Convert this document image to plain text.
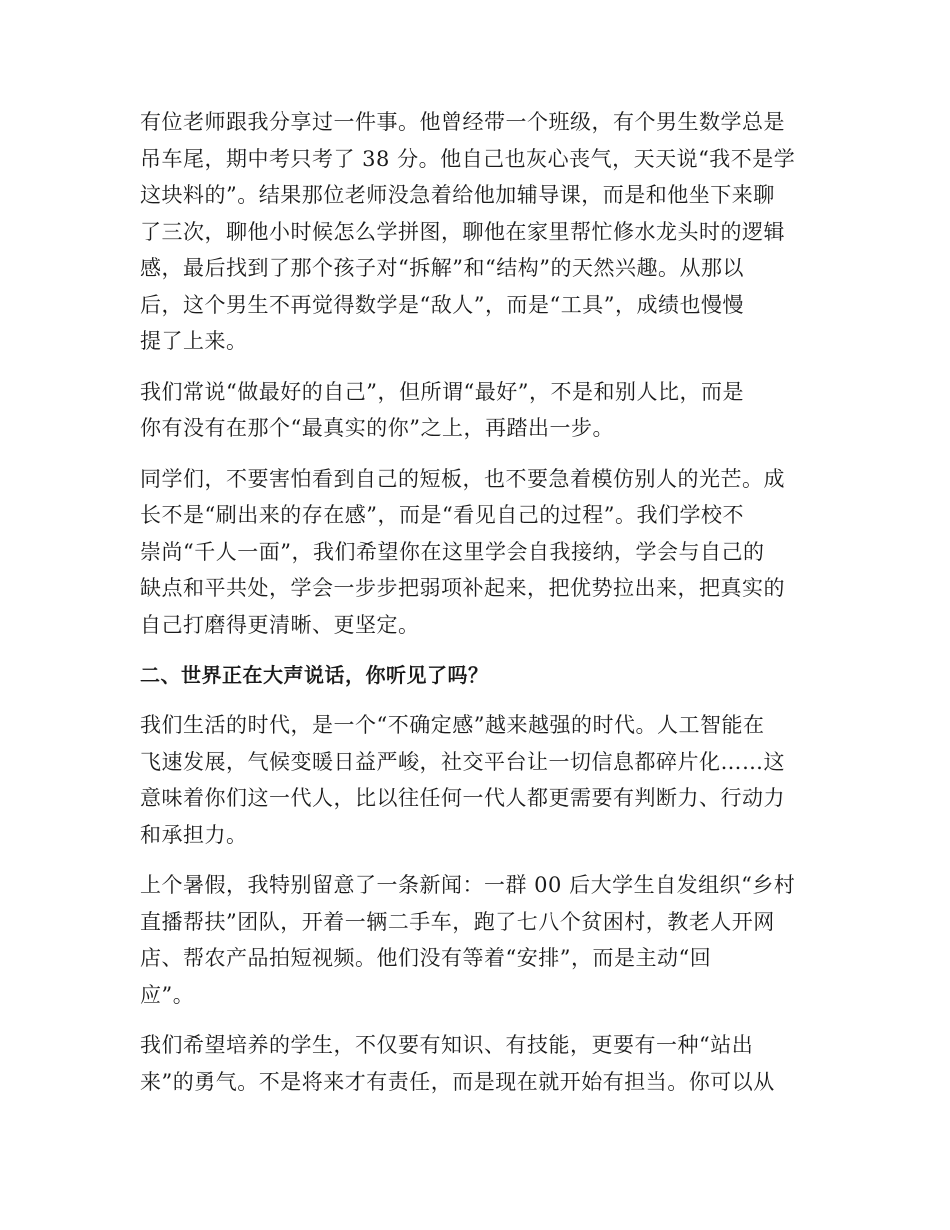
有位老师跟我分享过一件事。他曾经带一个班级，有个男生数学总是
吊车尾，期中考只考了 38 分。他自己也灰心丧气，天天说“我不是学
这块料的”。结果那位老师没急着给他加辅导课，而是和他坐下来聊
了三次，聊他小时候怎么学拼图，聊他在家里帮忙修水龙头时的逻辑
感，最后找到了那个孩子对“拆解”和“结构”的天然兴趣。从那以
后，这个男生不再觉得数学是“敌人”，而是“工具”，成绩也慢慢
提了上来。

我们常说“做最好的自己”，但所谓“最好”，不是和别人比，而是
你有没有在那个“最真实的你”之上，再踏出一步。

同学们，不要害怕看到自己的短板，也不要急着模仿别人的光芒。成
长不是“刷出来的存在感”，而是“看见自己的过程”。我们学校不
崇尚“千人一面”，我们希望你在这里学会自我接纳，学会与自己的
缺点和平共处，学会一步步把弱项补起来，把优势拉出来，把真实的
自己打磨得更清晰、更坚定。

二、世界正在大声说话，你听见了吗？

我们生活的时代，是一个“不确定感”越来越强的时代。人工智能在
飞速发展，气候变暖日益严峻，社交平台让一切信息都碎片化……这
意味着你们这一代人，比以往任何一代人都更需要有判断力、行动力
和承担力。

上个暑假，我特别留意了一条新闻：一群 00 后大学生自发组织“乡村
直播帮扶”团队，开着一辆二手车，跑了七八个贫困村，教老人开网
店、帮农产品拍短视频。他们没有等着“安排”，而是主动“回
应”。

我们希望培养的学生，不仅要有知识、有技能，更要有一种“站出
来”的勇气。不是将来才有责任，而是现在就开始有担当。你可以从
